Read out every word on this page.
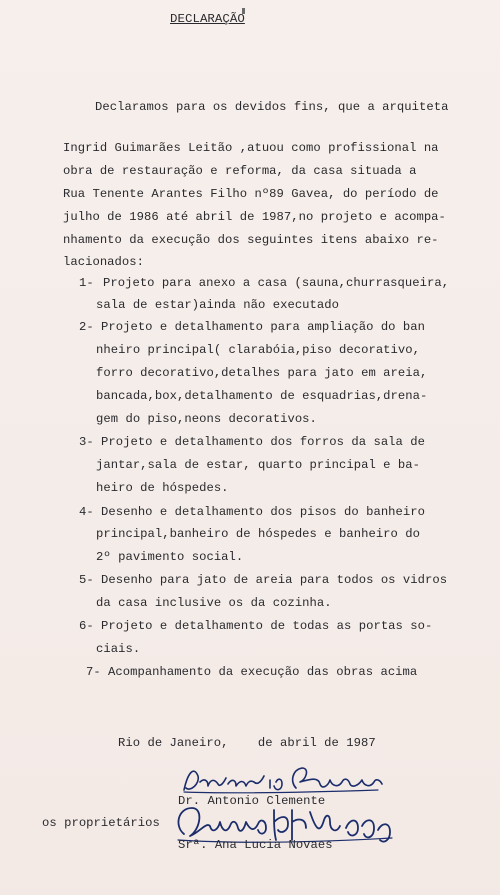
DECLARAÇÃO
Declaramos para os devidos fins, que a arquiteta
Ingrid Guimarães Leitão ,atuou como profissional na
obra de restauração e reforma, da casa situada a
Rua Tenente Arantes Filho nº89 Gavea, do período de
julho de 1986 até abril de 1987,no projeto e acompa-
nhamento da execução dos seguintes itens abaixo re-
lacionados:
1- Projeto para anexo a casa (sauna,churrasqueira,
sala de estar)ainda não executado
2- Projeto e detalhamento para ampliação do ban
nheiro principal( clarabóia,piso decorativo,
forro decorativo,detalhes para jato em areia,
bancada,box,detalhamento de esquadrias,drena-
gem do piso,neons decorativos.
3- Projeto e detalhamento dos forros da sala de
jantar,sala de estar, quarto principal e ba-
heiro de hóspedes.
4- Desenho e detalhamento dos pisos do banheiro
principal,banheiro de hóspedes e banheiro do
2º pavimento social.
5- Desenho para jato de areia para todos os vidros
da casa inclusive os da cozinha.
6- Projeto e detalhamento de todas as portas so-
ciais.
7- Acompanhamento da execução das obras acima
Rio de Janeiro,    de abril de 1987
Dr. Antonio Clemente
os proprietários
Srª. Ana Lucia Novaes
